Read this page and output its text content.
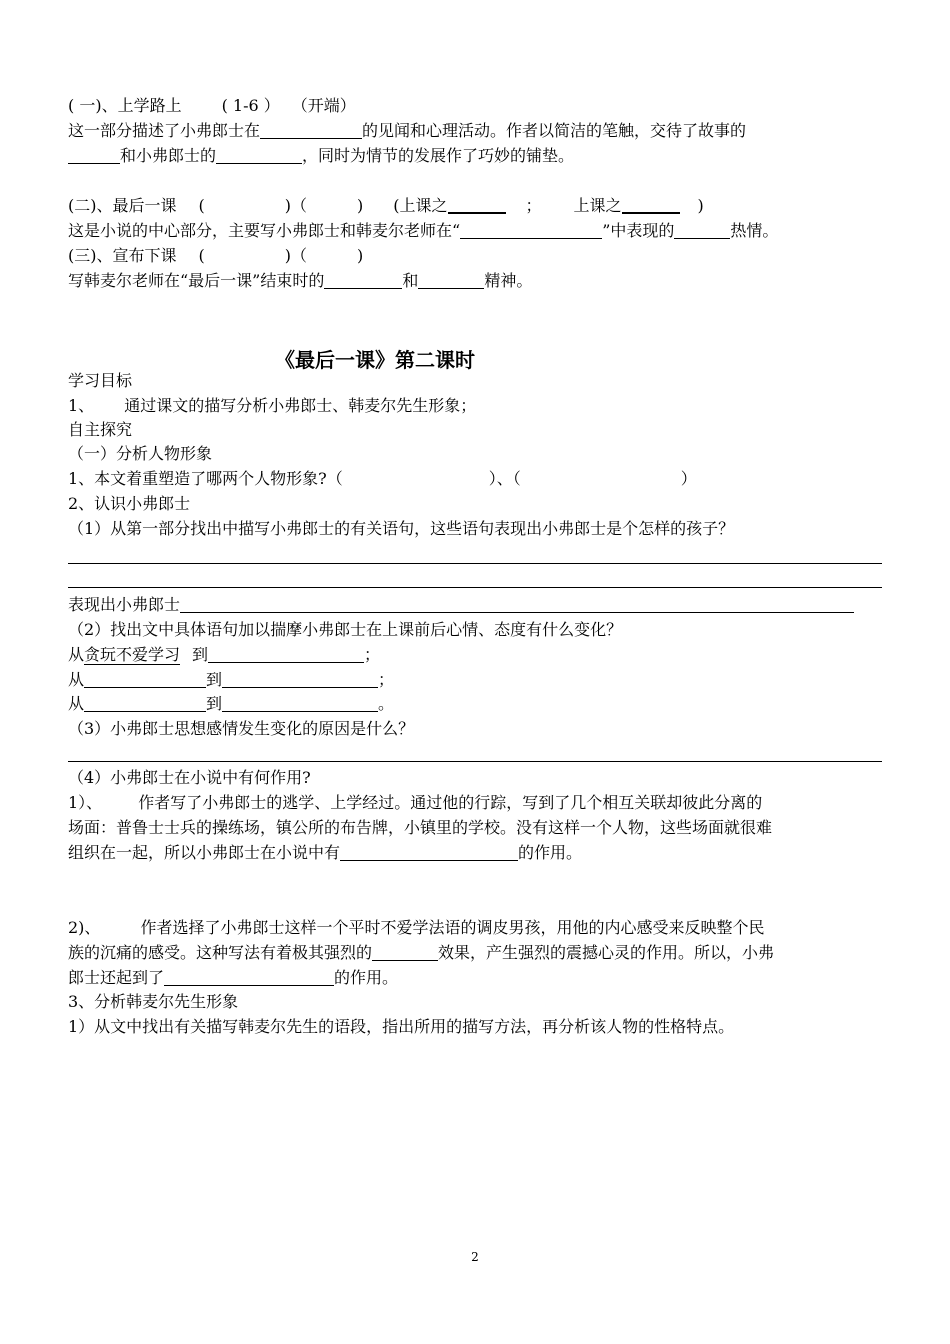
( 一)、上学路上	( 1-6 ） （开端）
这一部分描述了小弗郎士在	的见闻和心理活动。作者以简洁的笔触，交待了故事的
和小弗郎士的	，同时为情节的发展作了巧妙的铺垫。
(二)、最后一课 (	)（	) (上课之	； 上课之	)
这是小说的中心部分，主要写小弗郎士和韩麦尔老师在“	”中表现的	热情。
(三)、宣布下课 (	)（	)
写韩麦尔老师在“最后一课”结束时的	和	精神。
《最后一课》第二课时
学习目标
1、 通过课文的描写分析小弗郎士、韩麦尔先生形象；
自主探究
（一）分析人物形象
1、本文着重塑造了哪两个人物形象?（	）、（	）
2、认识小弗郎士
（1）从第一部分找出中描写小弗郎士的有关语句，这些语句表现出小弗郎士是个怎样的孩子？
表现出小弗郎士
（2）找出文中具体语句加以揣摩小弗郎士在上课前后心情、态度有什么变化？
从贪玩不爱学习 到	；
从	到	；
从	到	。
（3）小弗郎士思想感情发生变化的原因是什么？
（4）小弗郎士在小说中有何作用?
1）、 作者写了小弗郎士的逃学、上学经过。通过他的行踪，写到了几个相互关联却彼此分离的
场面：普鲁士士兵的操练场，镇公所的布告牌，小镇里的学校。没有这样一个人物，这些场面就很难
组织在一起，所以小弗郎士在小说中有	的作用。
2)、	作者选择了小弗郎士这样一个平时不爱学法语的调皮男孩，用他的内心感受来反映整个民
族的沉痛的感受。这种写法有着极其强烈的	效果，产生强烈的震撼心灵的作用。所以，小弗
郎士还起到了	的作用。
3、分析韩麦尔先生形象
1）从文中找出有关描写韩麦尔先生的语段，指出所用的描写方法，再分析该人物的性格特点。
2
